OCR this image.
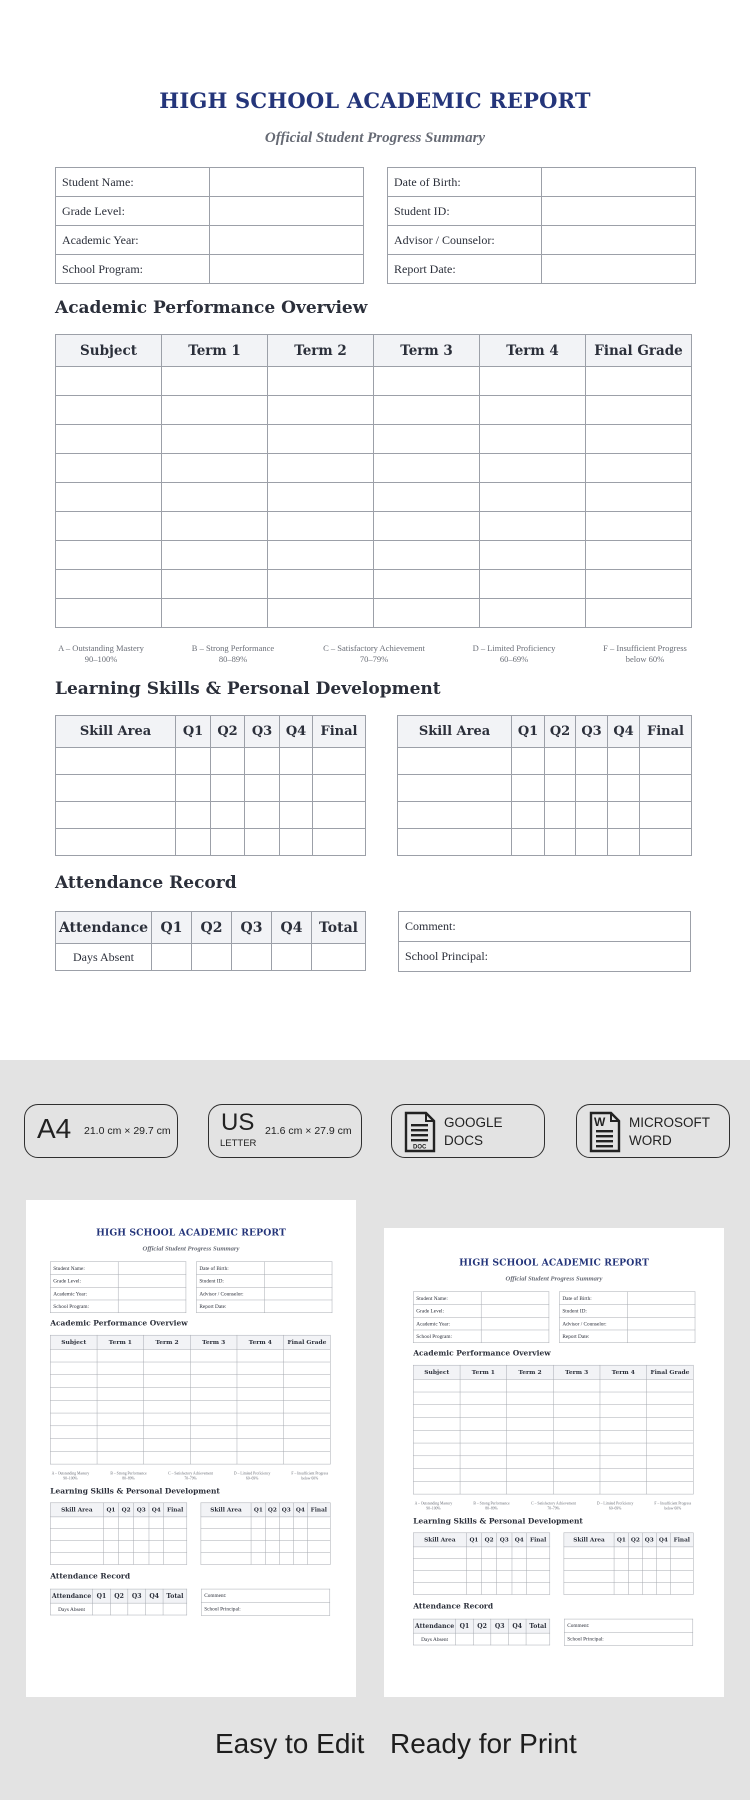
HIGH SCHOOL ACADEMIC REPORT
Official Student Progress Summary
Student Name:	
Grade Level:	
Academic Year:	
School Program:	
Date of Birth:	
Student ID:	
Advisor / Counselor:	
Report Date:	
Academic Performance Overview
Subject	Term 1	Term 2	Term 3	Term 4	Final Grade

A – Outstanding Mastery
90–100%
B – Strong Performance
80–89%
C – Satisfactory Achievement
70–79%
D – Limited Proficiency
60–69%
F – Insufficient Progress
below 60%
Learning Skills & Personal Development
Skill Area	Q1	Q2	Q3	Q4	Final

						Skill Area	Q1	Q2	Q3	Q4	Final

Attendance Record
Attendance	Q1	Q2	Q3	Q4	Total
Days Absent					
Comment:
School Principal:
A4 21.0 cm × 29.7 cm US
LETTER
21.6 cm × 27.9 cm
DOC
GOOGLE
DOCS
W MICROSOFT
WORD
HIGH SCHOOL ACADEMIC REPORT
Official Student Progress Summary
Student Name:	
Grade Level:	
Academic Year:	
School Program:	
Date of Birth:	
Student ID:	
Advisor / Counselor:	
Report Date:	
Academic Performance Overview
Subject	Term 1	Term 2	Term 3	Term 4	Final Grade

A – Outstanding Mastery
90–100%
B – Strong Performance
80–89%
C – Satisfactory Achievement
70–79%
D – Limited Proficiency
60–69%
F – Insufficient Progress
below 60%
Learning Skills & Personal Development
Skill Area	Q1	Q2	Q3	Q4	Final

					Skill Area	Q1	Q2	Q3	Q4	Final

Attendance Record
Attendance	Q1	Q2	Q3	Q4	Total
Days Absent					
Comment:
School Principal:
HIGH SCHOOL ACADEMIC REPORT
Official Student Progress Summary
Student Name:	
Grade Level:	
Academic Year:	
School Program:	
Date of Birth:	
Student ID:	
Advisor / Counselor:	
Report Date:	
Academic Performance Overview
Subject	Term 1	Term 2	Term 3	Term 4	Final Grade

A – Outstanding Mastery
90–100%
B – Strong Performance
80–89%
C – Satisfactory Achievement
70–79%
D – Limited Proficiency
60–69%
F – Insufficient Progress
below 60%
Learning Skills & Personal Development
Skill Area	Q1	Q2	Q3	Q4	Final

					Skill Area	Q1	Q2	Q3	Q4	Final

Attendance Record
Attendance	Q1	Q2	Q3	Q4	Total
Days Absent					
Comment:
School Principal:
Easy to Edit Ready for Print
